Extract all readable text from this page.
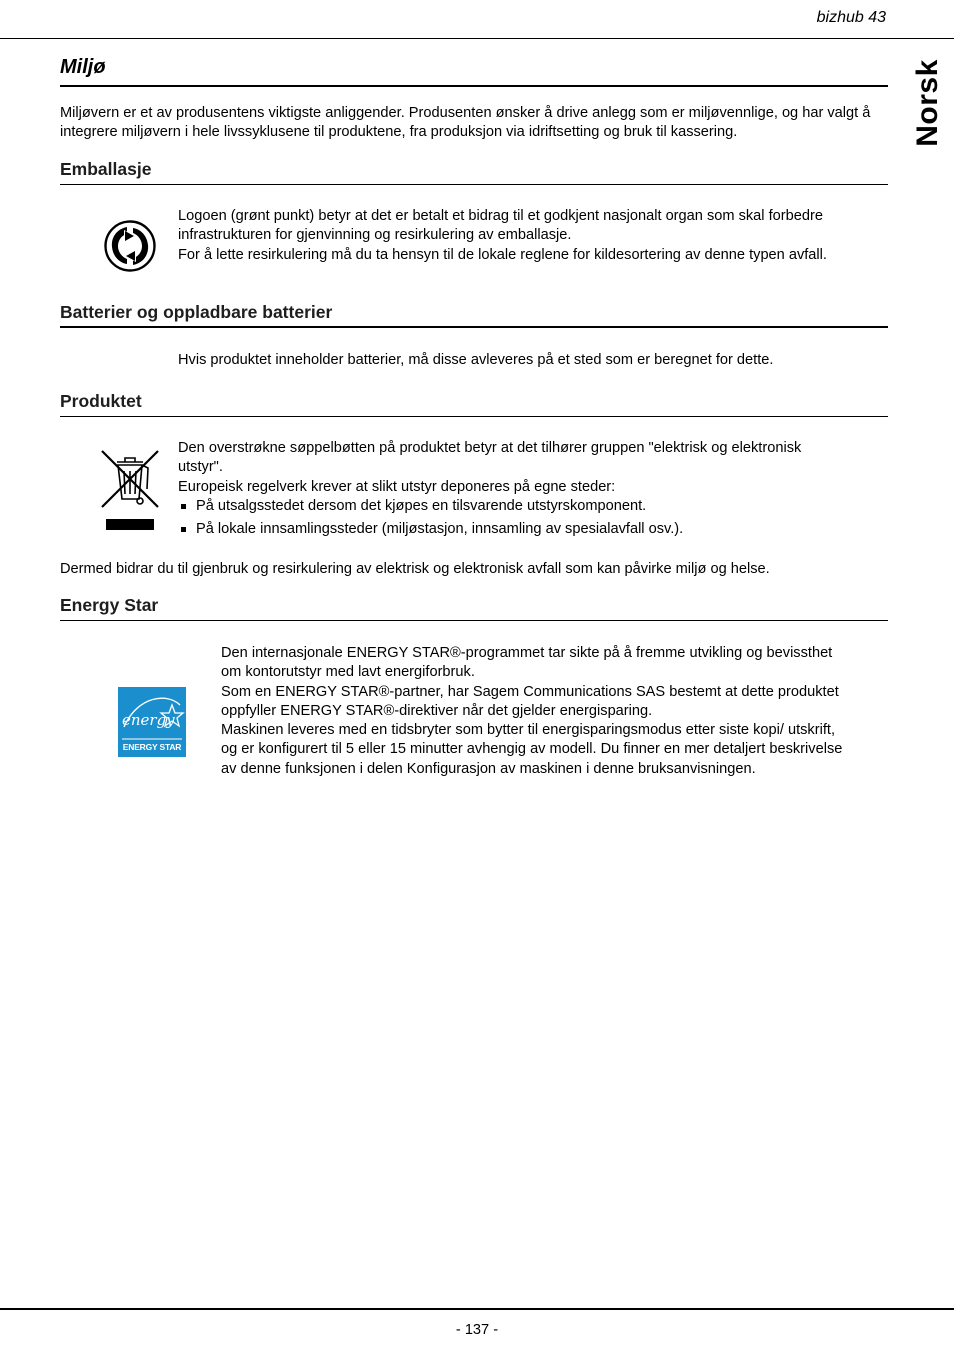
bizhub 43
Norsk
Miljø
Miljøvern er et av produsentens viktigste anliggender. Produsenten ønsker å drive anlegg som er miljøvennlige, og har valgt å integrere miljøvern i hele livssyklusene til produktene, fra produksjon via idriftsetting og bruk til kassering.
Emballasje
Logoen (grønt punkt) betyr at det er betalt et bidrag til et godkjent nasjonalt organ som skal forbedre infrastrukturen for gjenvinning og resirkulering av emballasje.
For å lette resirkulering må du ta hensyn til de lokale reglene for kildesortering av denne typen avfall.
Batterier og oppladbare batterier
Hvis produktet inneholder batterier, må disse avleveres på et sted som er beregnet for dette.
Produktet
Den overstrøkne søppelbøtten på produktet betyr at det tilhører gruppen "elektrisk og elektronisk utstyr".
Europeisk regelverk krever at slikt utstyr deponeres på egne steder:
På utsalgsstedet dersom det kjøpes en tilsvarende utstyrskomponent.
På lokale innsamlingssteder (miljøstasjon, innsamling av spesialavfall osv.).
Dermed bidrar du til gjenbruk og resirkulering av elektrisk og elektronisk avfall som kan påvirke miljø og helse.
Energy Star
energy
ENERGY STAR
Den internasjonale ENERGY STAR®-programmet tar sikte på å fremme utvikling og bevissthet om kontorutstyr med lavt energiforbruk.
Som en ENERGY STAR®-partner, har Sagem Communications SAS bestemt at dette produktet oppfyller ENERGY STAR®-direktiver når det gjelder energisparing.
Maskinen leveres med en tidsbryter som bytter til energisparingsmodus etter siste kopi/ utskrift, og er konfigurert til 5 eller 15 minutter avhengig av modell. Du finner en mer detaljert beskrivelse av denne funksjonen i delen Konfigurasjon av maskinen i denne bruksanvisningen.
- 137 -
